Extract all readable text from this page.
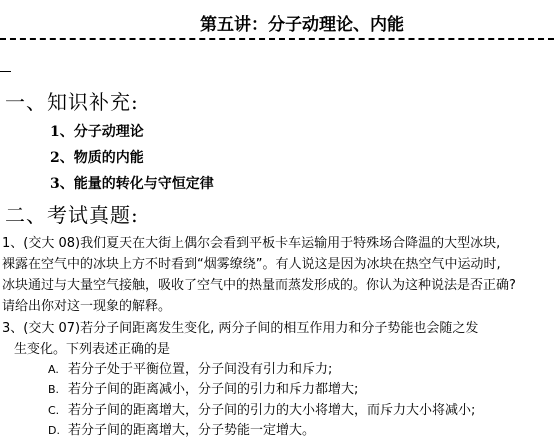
第五讲：分子动理论、内能
一、知识补充:
1、分子动理论
2、物质的内能
3、能量的转化与守恒定律
二、考试真题:
1、(交大 08)我们夏天在大街上偶尔会看到平板卡车运输用于特殊场合降温的大型冰块,
裸露在空气中的冰块上方不时看到“烟雾缭绕”。有人说这是因为冰块在热空气中运动时,
冰块通过与大量空气接触，吸收了空气中的热量而蒸发形成的。你认为这种说法是否正确?
请给出你对这一现象的解释。
3、(交大 07)若分子间距离发生变化, 两分子间的相互作用力和分子势能也会随之发
生变化。下列表述正确的是
A. 若分子处于平衡位置，分子间没有引力和斥力;
B. 若分子间的距离减小，分子间的引力和斥力都增大;
C. 若分子间的距离增大，分子间的引力的大小将增大，而斥力大小将减小;
D. 若分子间的距离增大，分子势能一定增大。
